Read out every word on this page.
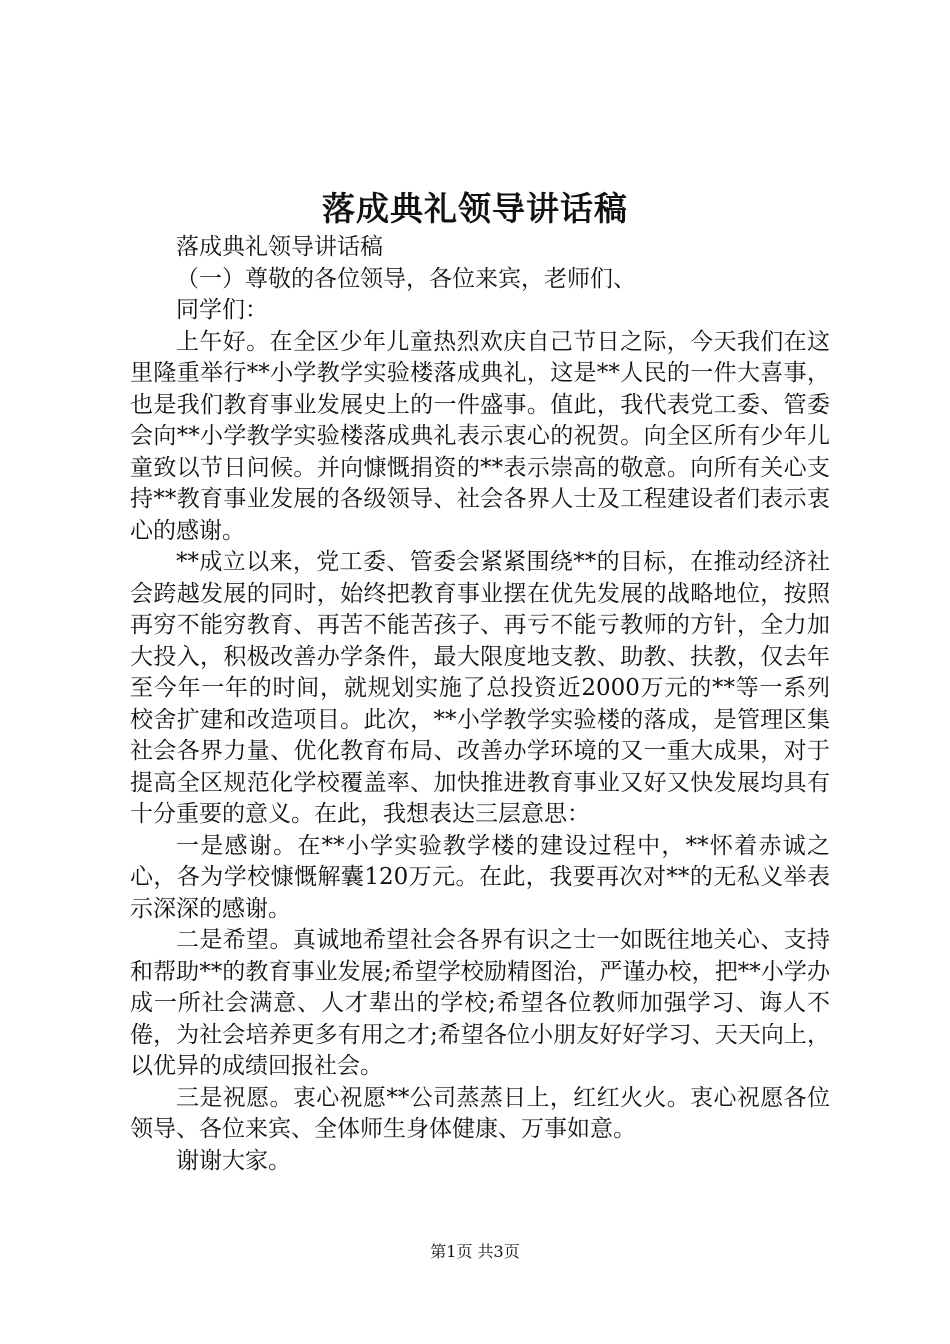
落成典礼领导讲话稿

落成典礼领导讲话稿

（一）尊敬的各位领导，各位来宾，老师们、

同学们：

上午好。在全区少年儿童热烈欢庆自己节日之际，今天我们在这里隆重举行**小学教学实验楼落成典礼，这是**人民的一件大喜事，也是我们教育事业发展史上的一件盛事。值此，我代表党工委、管委会向**小学教学实验楼落成典礼表示衷心的祝贺。向全区所有少年儿童致以节日问候。并向慷慨捐资的**表示崇高的敬意。向所有关心支持**教育事业发展的各级领导、社会各界人士及工程建设者们表示衷心的感谢。

**成立以来，党工委、管委会紧紧围绕**的目标，在推动经济社会跨越发展的同时，始终把教育事业摆在优先发展的战略地位，按照再穷不能穷教育、再苦不能苦孩子、再亏不能亏教师的方针，全力加大投入，积极改善办学条件，最大限度地支教、助教、扶教，仅去年至今年一年的时间，就规划实施了总投资近2000万元的**等一系列校舍扩建和改造项目。此次，**小学教学实验楼的落成，是管理区集社会各界力量、优化教育布局、改善办学环境的又一重大成果，对于提高全区规范化学校覆盖率、加快推进教育事业又好又快发展均具有十分重要的意义。在此，我想表达三层意思：

一是感谢。在**小学实验教学楼的建设过程中，**怀着赤诚之心，各为学校慷慨解囊120万元。在此，我要再次对**的无私义举表示深深的感谢。

二是希望。真诚地希望社会各界有识之士一如既往地关心、支持和帮助**的教育事业发展;希望学校励精图治，严谨办校，把**小学办成一所社会满意、人才辈出的学校;希望各位教师加强学习、诲人不倦，为社会培养更多有用之才;希望各位小朋友好好学习、天天向上，以优异的成绩回报社会。

三是祝愿。衷心祝愿**公司蒸蒸日上，红红火火。衷心祝愿各位领导、各位来宾、全体师生身体健康、万事如意。

谢谢大家。

第1页 共3页
